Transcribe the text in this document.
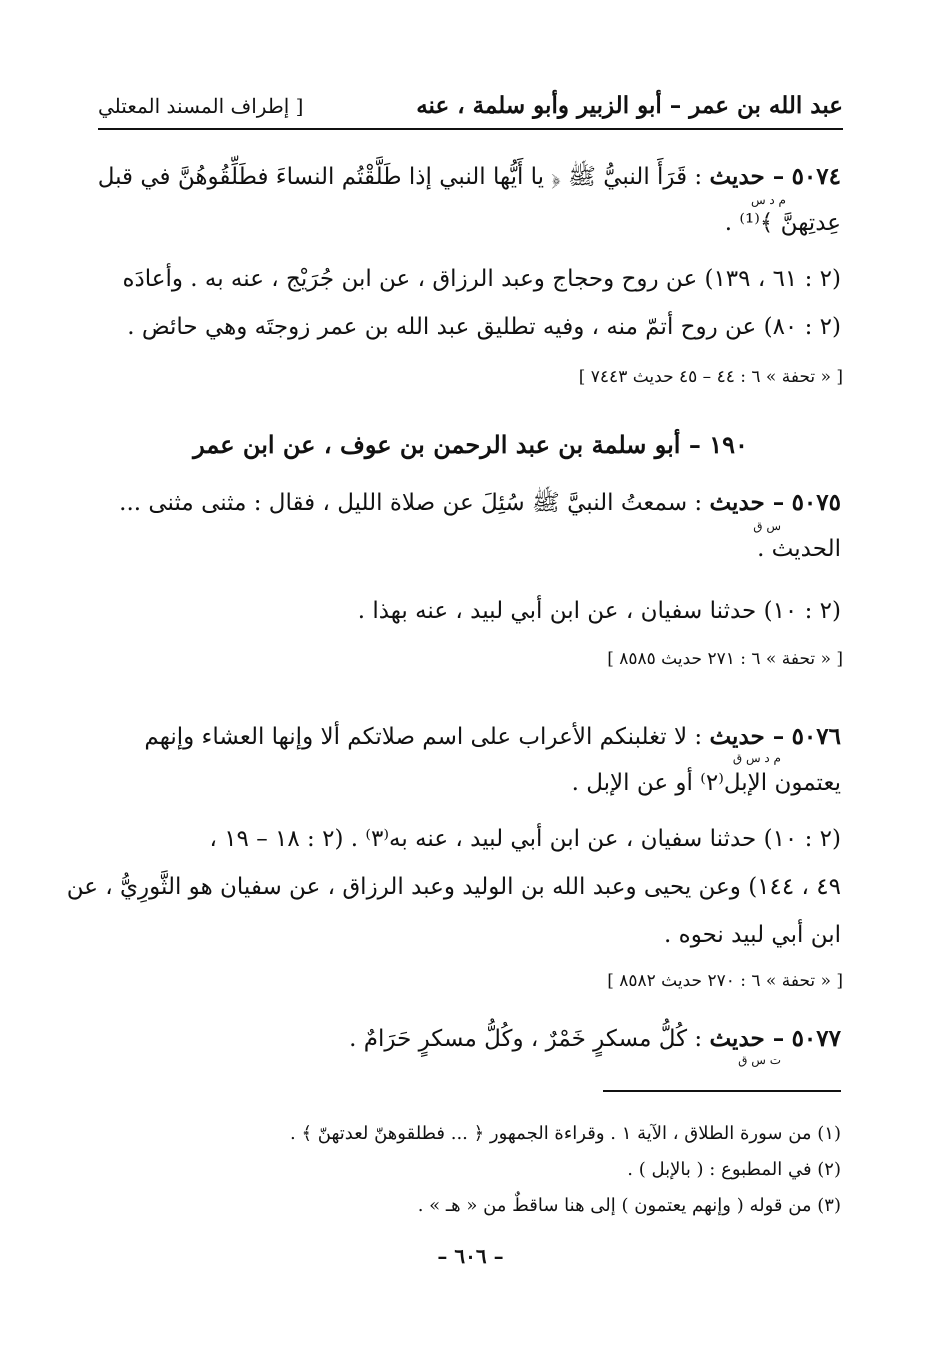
عبد الله بن عمر – أبو الزبير وأبو سلمة ، عنه
[ إطراف المسند المعتلي
٥٠٧٤ – حديث : قَرَأَ النبيُّ ﷺ ﴿ يا أَيُّها النبي إذا طَلَّقْتُم النساءَ فطَلِّقُوهُنَّ في قبل
م د س
عِدتِهنَّ ﴾⁽¹⁾ .
(٢ : ٦١ ، ١٣٩) عن روح وحجاج وعبد الرزاق ، عن ابن جُرَيْج ، عنه به . وأعادَه
(٢ : ٨٠) عن روح أتمّ منه ، وفيه تطليق عبد الله بن عمر زوجتَه وهي حائض .
[ « تحفة » ٦ : ٤٤ – ٤٥ حديث ٧٤٤٣ ]
١٩٠ – أبو سلمة بن عبد الرحمن بن عوف ، عن ابن عمر
٥٠٧٥ – حديث : سمعتُ النبيَّ ﷺ سُئِلَ عن صلاة الليل ، فقال : مثنى مثنى ...
س ق
الحديث .
(٢ : ١٠) حدثنا سفيان ، عن ابن أبي لبيد ، عنه بهذا .
[ « تحفة » ٦ : ٢٧١ حديث ٨٥٨٥ ]
٥٠٧٦ – حديث : لا تغلبنكم الأعراب على اسم صلاتكم ألا وإنها العشاء وإنهم
م د س ق
يعتمون الإبل⁽٢⁾ أو عن الإبل .
(٢ : ١٠) حدثنا سفيان ، عن ابن أبي لبيد ، عنه به⁽٣⁾ . (٢ : ١٨ – ١٩ ،
٤٩ ، ١٤٤) وعن يحيى وعبد الله بن الوليد وعبد الرزاق ، عن سفيان هو الثَّورِيُّ ، عن
ابن أبي لبيد نحوه .
[ « تحفة » ٦ : ٢٧٠ حديث ٨٥٨٢ ]
٥٠٧٧ – حديث : كُلُّ مسكرٍ خَمْرٌ ، وكُلُّ مسكرٍ حَرَامٌ .
ت س ق
(١) من سورة الطلاق ، الآية ١ . وقراءة الجمهور ﴿ ... فطلقوهنّ لعدتهنّ ﴾ .
(٢) في المطبوع : ( بالإبل ) .
(٣) من قوله ( وإنهم يعتمون ) إلى هنا ساقطٌ من « هـ » .
– ٦٠٦ –
